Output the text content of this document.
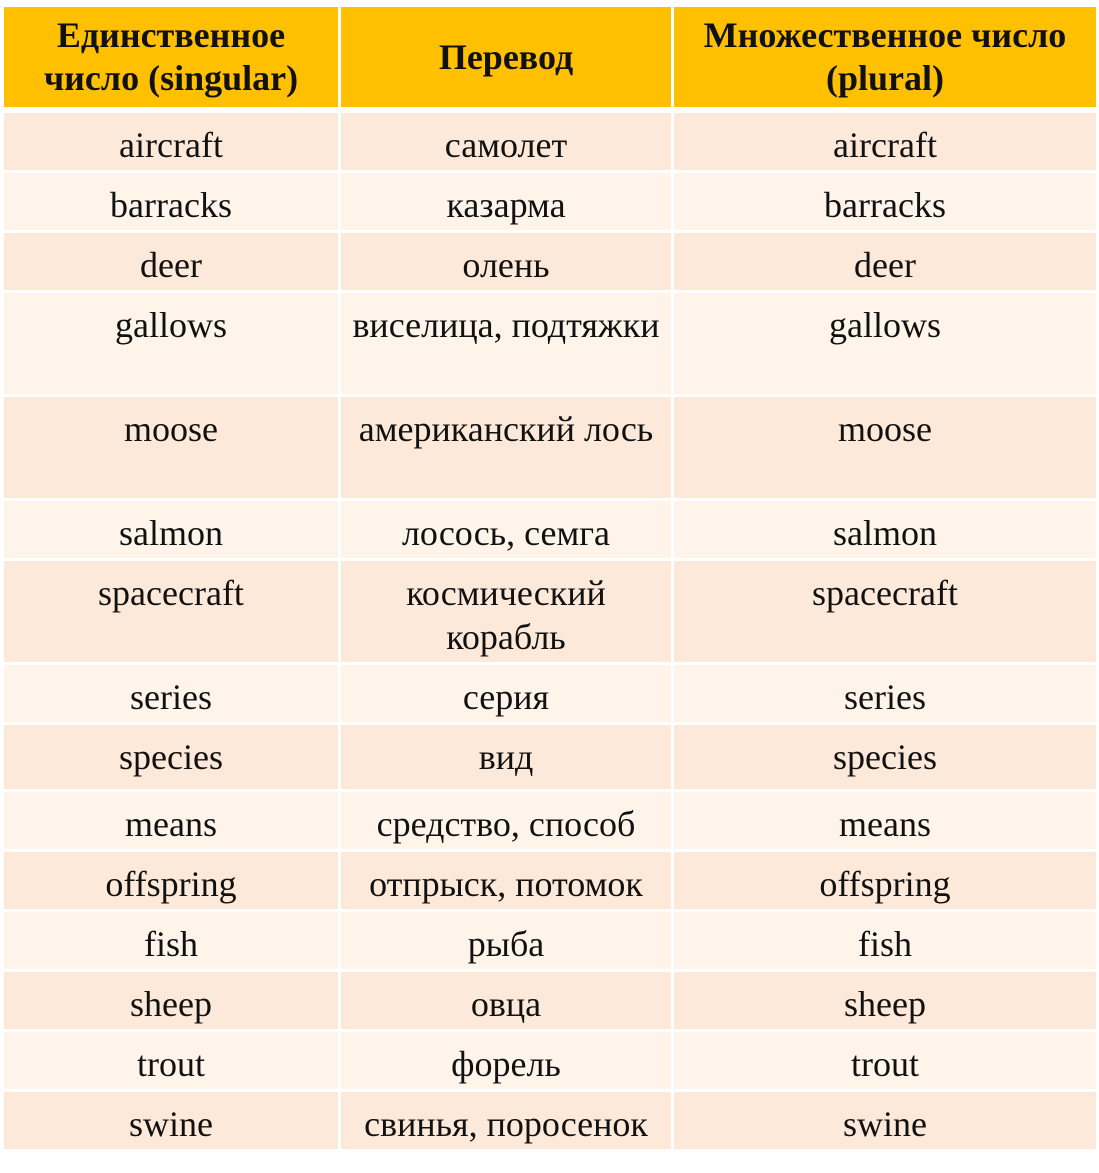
Единственное число (singular)	Перевод	Множественное число (plural)
aircraft	самолет	aircraft
barracks	казарма	barracks
deer	олень	deer
gallows	виселица, подтяжки	gallows
moose	американский лось	moose
salmon	лосось, семга	salmon
spacecraft	космический корабль	spacecraft
series	серия	series
species	вид	species
means	средство, способ	means
offspring	отпрыск, потомок	offspring
fish	рыба	fish
sheep	овца	sheep
trout	форель	trout
swine	свинья, поросенок	swine
